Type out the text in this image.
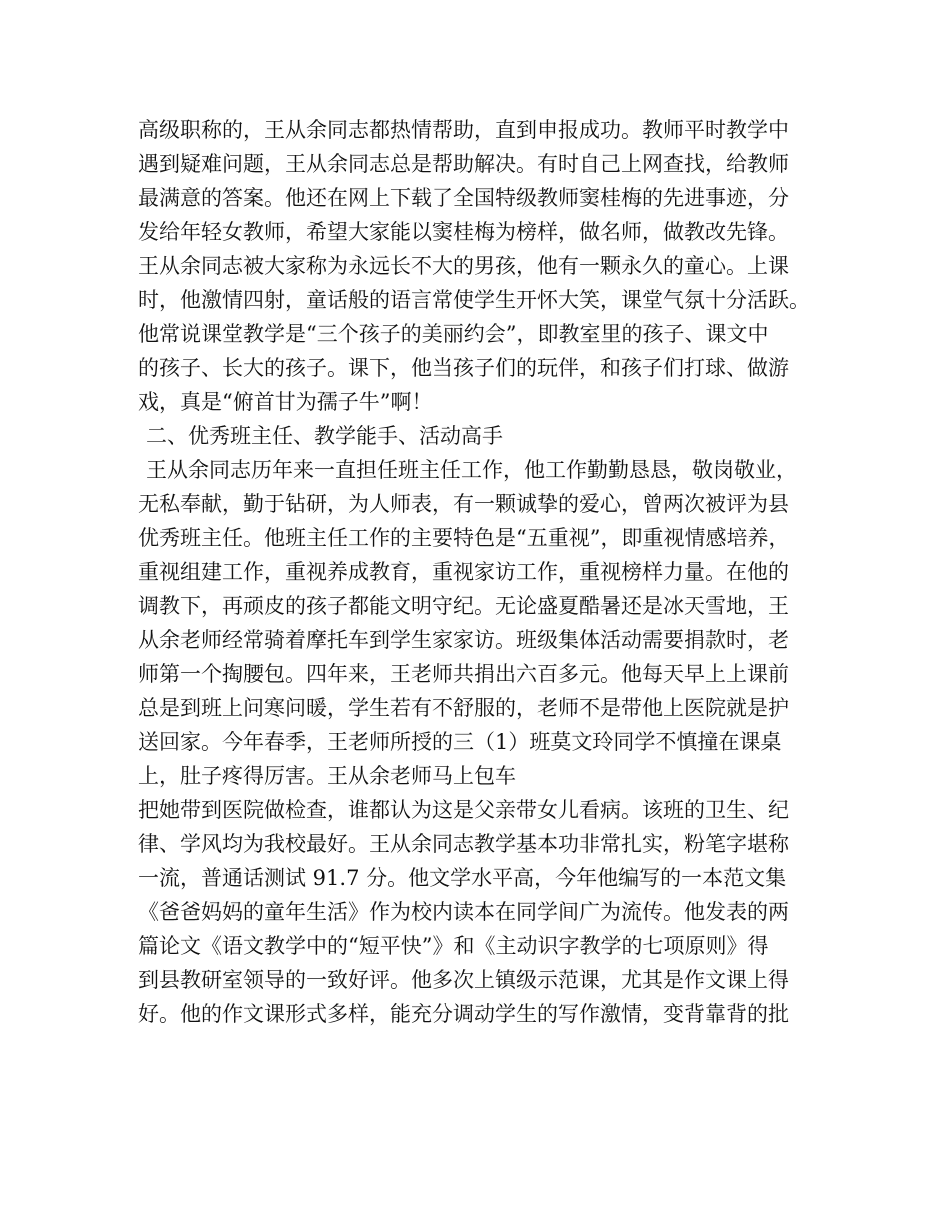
高级职称的，王从余同志都热情帮助，直到申报成功。教师平时教学中
遇到疑难问题，王从余同志总是帮助解决。有时自己上网查找，给教师
最满意的答案。他还在网上下载了全国特级教师窦桂梅的先进事迹，分
发给年轻女教师，希望大家能以窦桂梅为榜样，做名师，做教改先锋。
王从余同志被大家称为永远长不大的男孩，他有一颗永久的童心。上课
时，他激情四射，童话般的语言常使学生开怀大笑，课堂气氛十分活跃。
他常说课堂教学是“三个孩子的美丽约会”，即教室里的孩子、课文中
的孩子、长大的孩子。课下，他当孩子们的玩伴，和孩子们打球、做游
戏，真是“俯首甘为孺子牛”啊！
二、优秀班主任、教学能手、活动高手
王从余同志历年来一直担任班主任工作，他工作勤勤恳恳，敬岗敬业，
无私奉献，勤于钻研，为人师表，有一颗诚挚的爱心，曾两次被评为县
优秀班主任。他班主任工作的主要特色是“五重视”，即重视情感培养，
重视组建工作，重视养成教育，重视家访工作，重视榜样力量。在他的
调教下，再顽皮的孩子都能文明守纪。无论盛夏酷暑还是冰天雪地，王
从余老师经常骑着摩托车到学生家家访。班级集体活动需要捐款时，老
师第一个掏腰包。四年来，王老师共捐出六百多元。他每天早上上课前
总是到班上问寒问暖，学生若有不舒服的，老师不是带他上医院就是护
送回家。今年春季，王老师所授的三（1）班莫文玲同学不慎撞在课桌
上，肚子疼得厉害。王从余老师马上包车
把她带到医院做检查，谁都认为这是父亲带女儿看病。该班的卫生、纪
律、学风均为我校最好。王从余同志教学基本功非常扎实，粉笔字堪称
一流，普通话测试 91.7 分。他文学水平高，今年他编写的一本范文集
《爸爸妈妈的童年生活》作为校内读本在同学间广为流传。他发表的两
篇论文《语文教学中的“短平快”》和《主动识字教学的七项原则》得
到县教研室领导的一致好评。他多次上镇级示范课，尤其是作文课上得
好。他的作文课形式多样，能充分调动学生的写作激情，变背靠背的批
